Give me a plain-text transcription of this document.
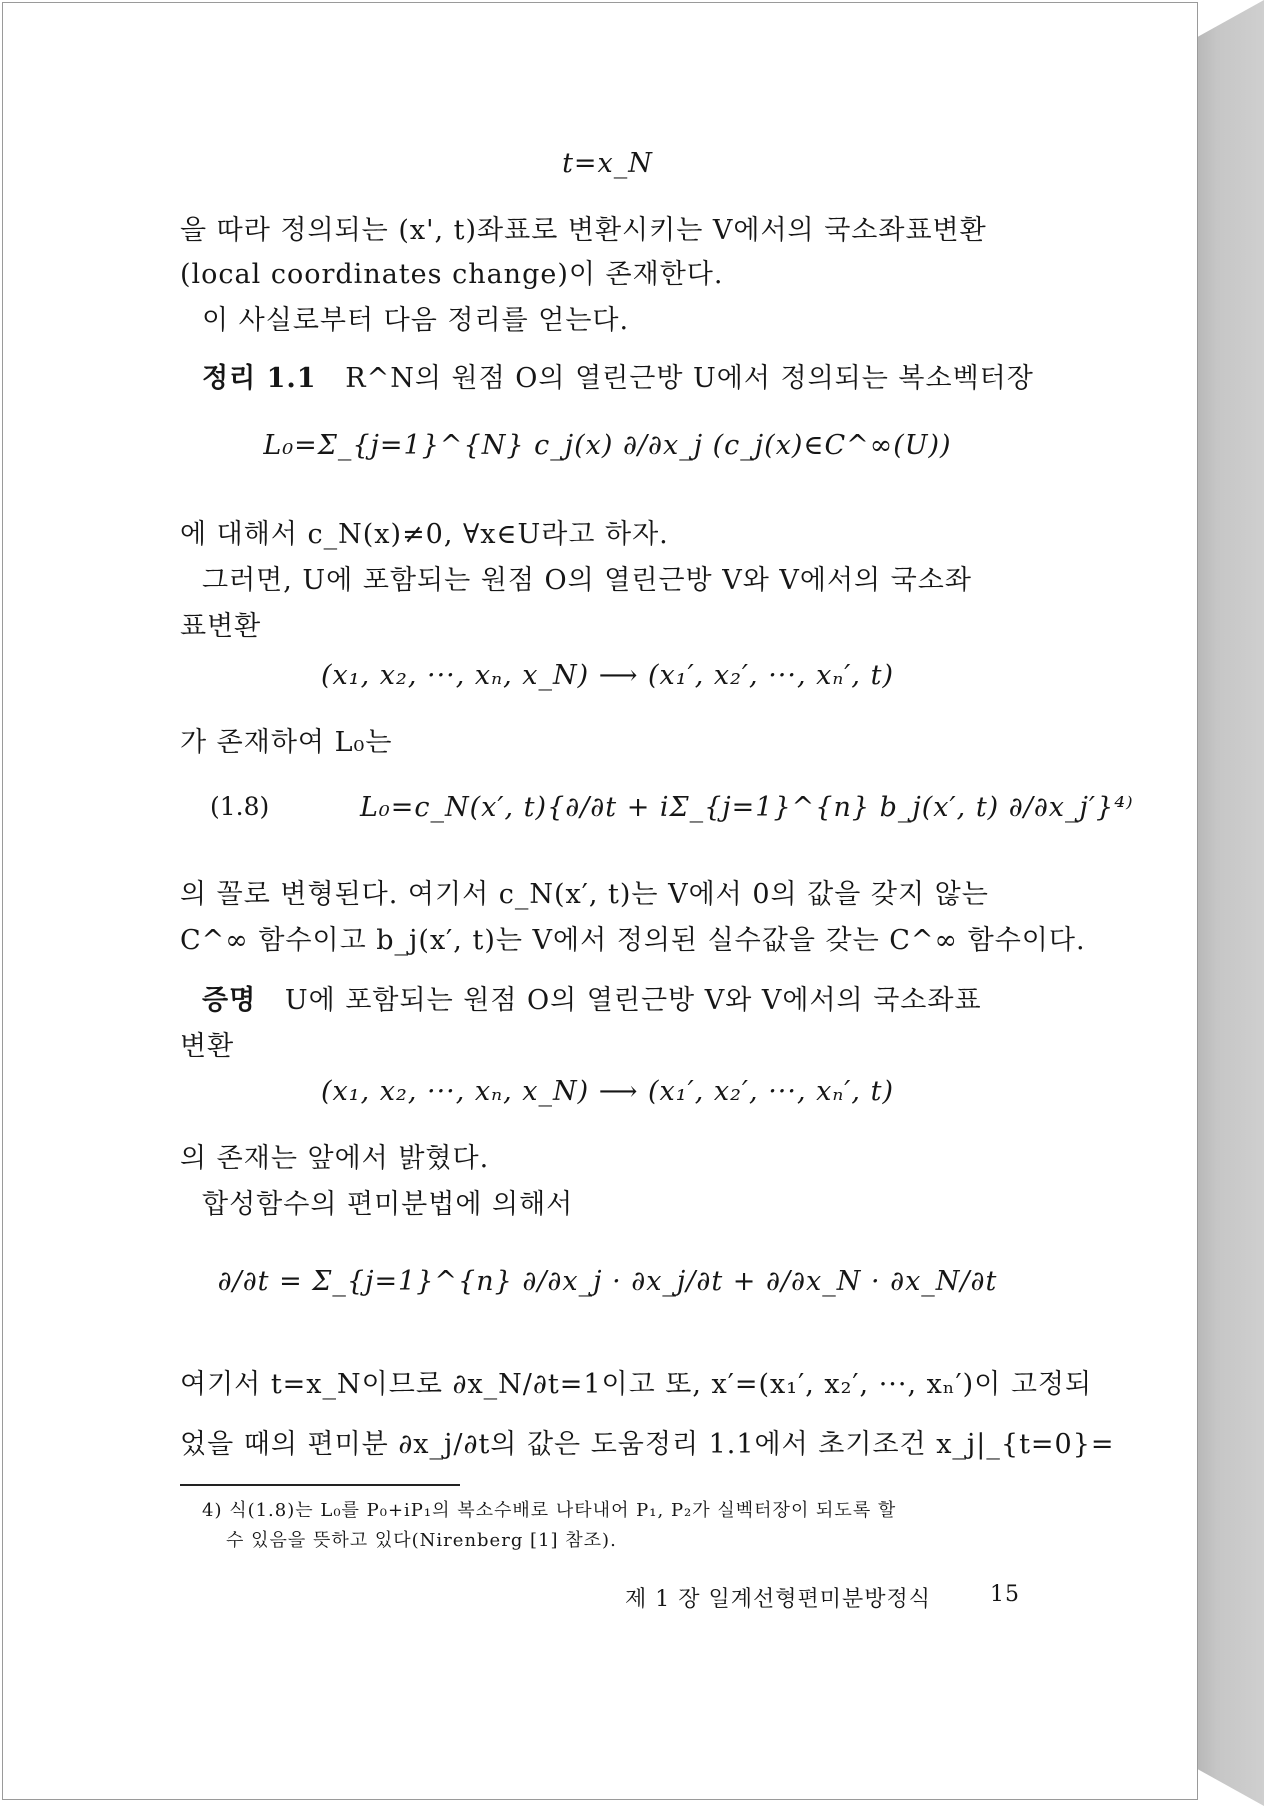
t=x_N
을 따라 정의되는 (x', t)좌표로 변환시키는 V에서의 국소좌표변환
(local coordinates change)이 존재한다.
이 사실로부터 다음 정리를 얻는다.
정리 1.1 R^N의 원점 O의 열린근방 U에서 정의되는 복소벡터장
L₀=Σ_{j=1}^{N} c_j(x) ∂/∂x_j (c_j(x)∈C^∞(U))
에 대해서 c_N(x)≠0, ∀x∈U라고 하자.
그러면, U에 포함되는 원점 O의 열린근방 V와 V에서의 국소좌
표변환
(x₁, x₂, ···, xₙ, x_N) ⟶ (x₁′, x₂′, ···, xₙ′, t)
가 존재하여 L₀는
(1.8)	L₀=c_N(x′, t){∂/∂t + iΣ_{j=1}^{n} b_j(x′, t) ∂/∂x_j′}⁴⁾
의 꼴로 변형된다. 여기서 c_N(x′, t)는 V에서 0의 값을 갖지 않는
C^∞ 함수이고 b_j(x′, t)는 V에서 정의된 실수값을 갖는 C^∞ 함수이다.
증명 U에 포함되는 원점 O의 열린근방 V와 V에서의 국소좌표
변환
(x₁, x₂, ···, xₙ, x_N) ⟶ (x₁′, x₂′, ···, xₙ′, t)
의 존재는 앞에서 밝혔다.
합성함수의 편미분법에 의해서
∂/∂t = Σ_{j=1}^{n} ∂/∂x_j · ∂x_j/∂t + ∂/∂x_N · ∂x_N/∂t
여기서 t=x_N이므로 ∂x_N/∂t=1이고 또, x′=(x₁′, x₂′, ···, xₙ′)이 고정되
었을 때의 편미분 ∂x_j/∂t의 값은 도움정리 1.1에서 초기조건 x_j|_{t=0}=
4) 식(1.8)는 L₀를 P₀+iP₁의 복소수배로 나타내어 P₁, P₂가 실벡터장이 되도록 할
수 있음을 뜻하고 있다(Nirenberg [1] 참조).
제 1 장 일계선형편미분방정식	15
